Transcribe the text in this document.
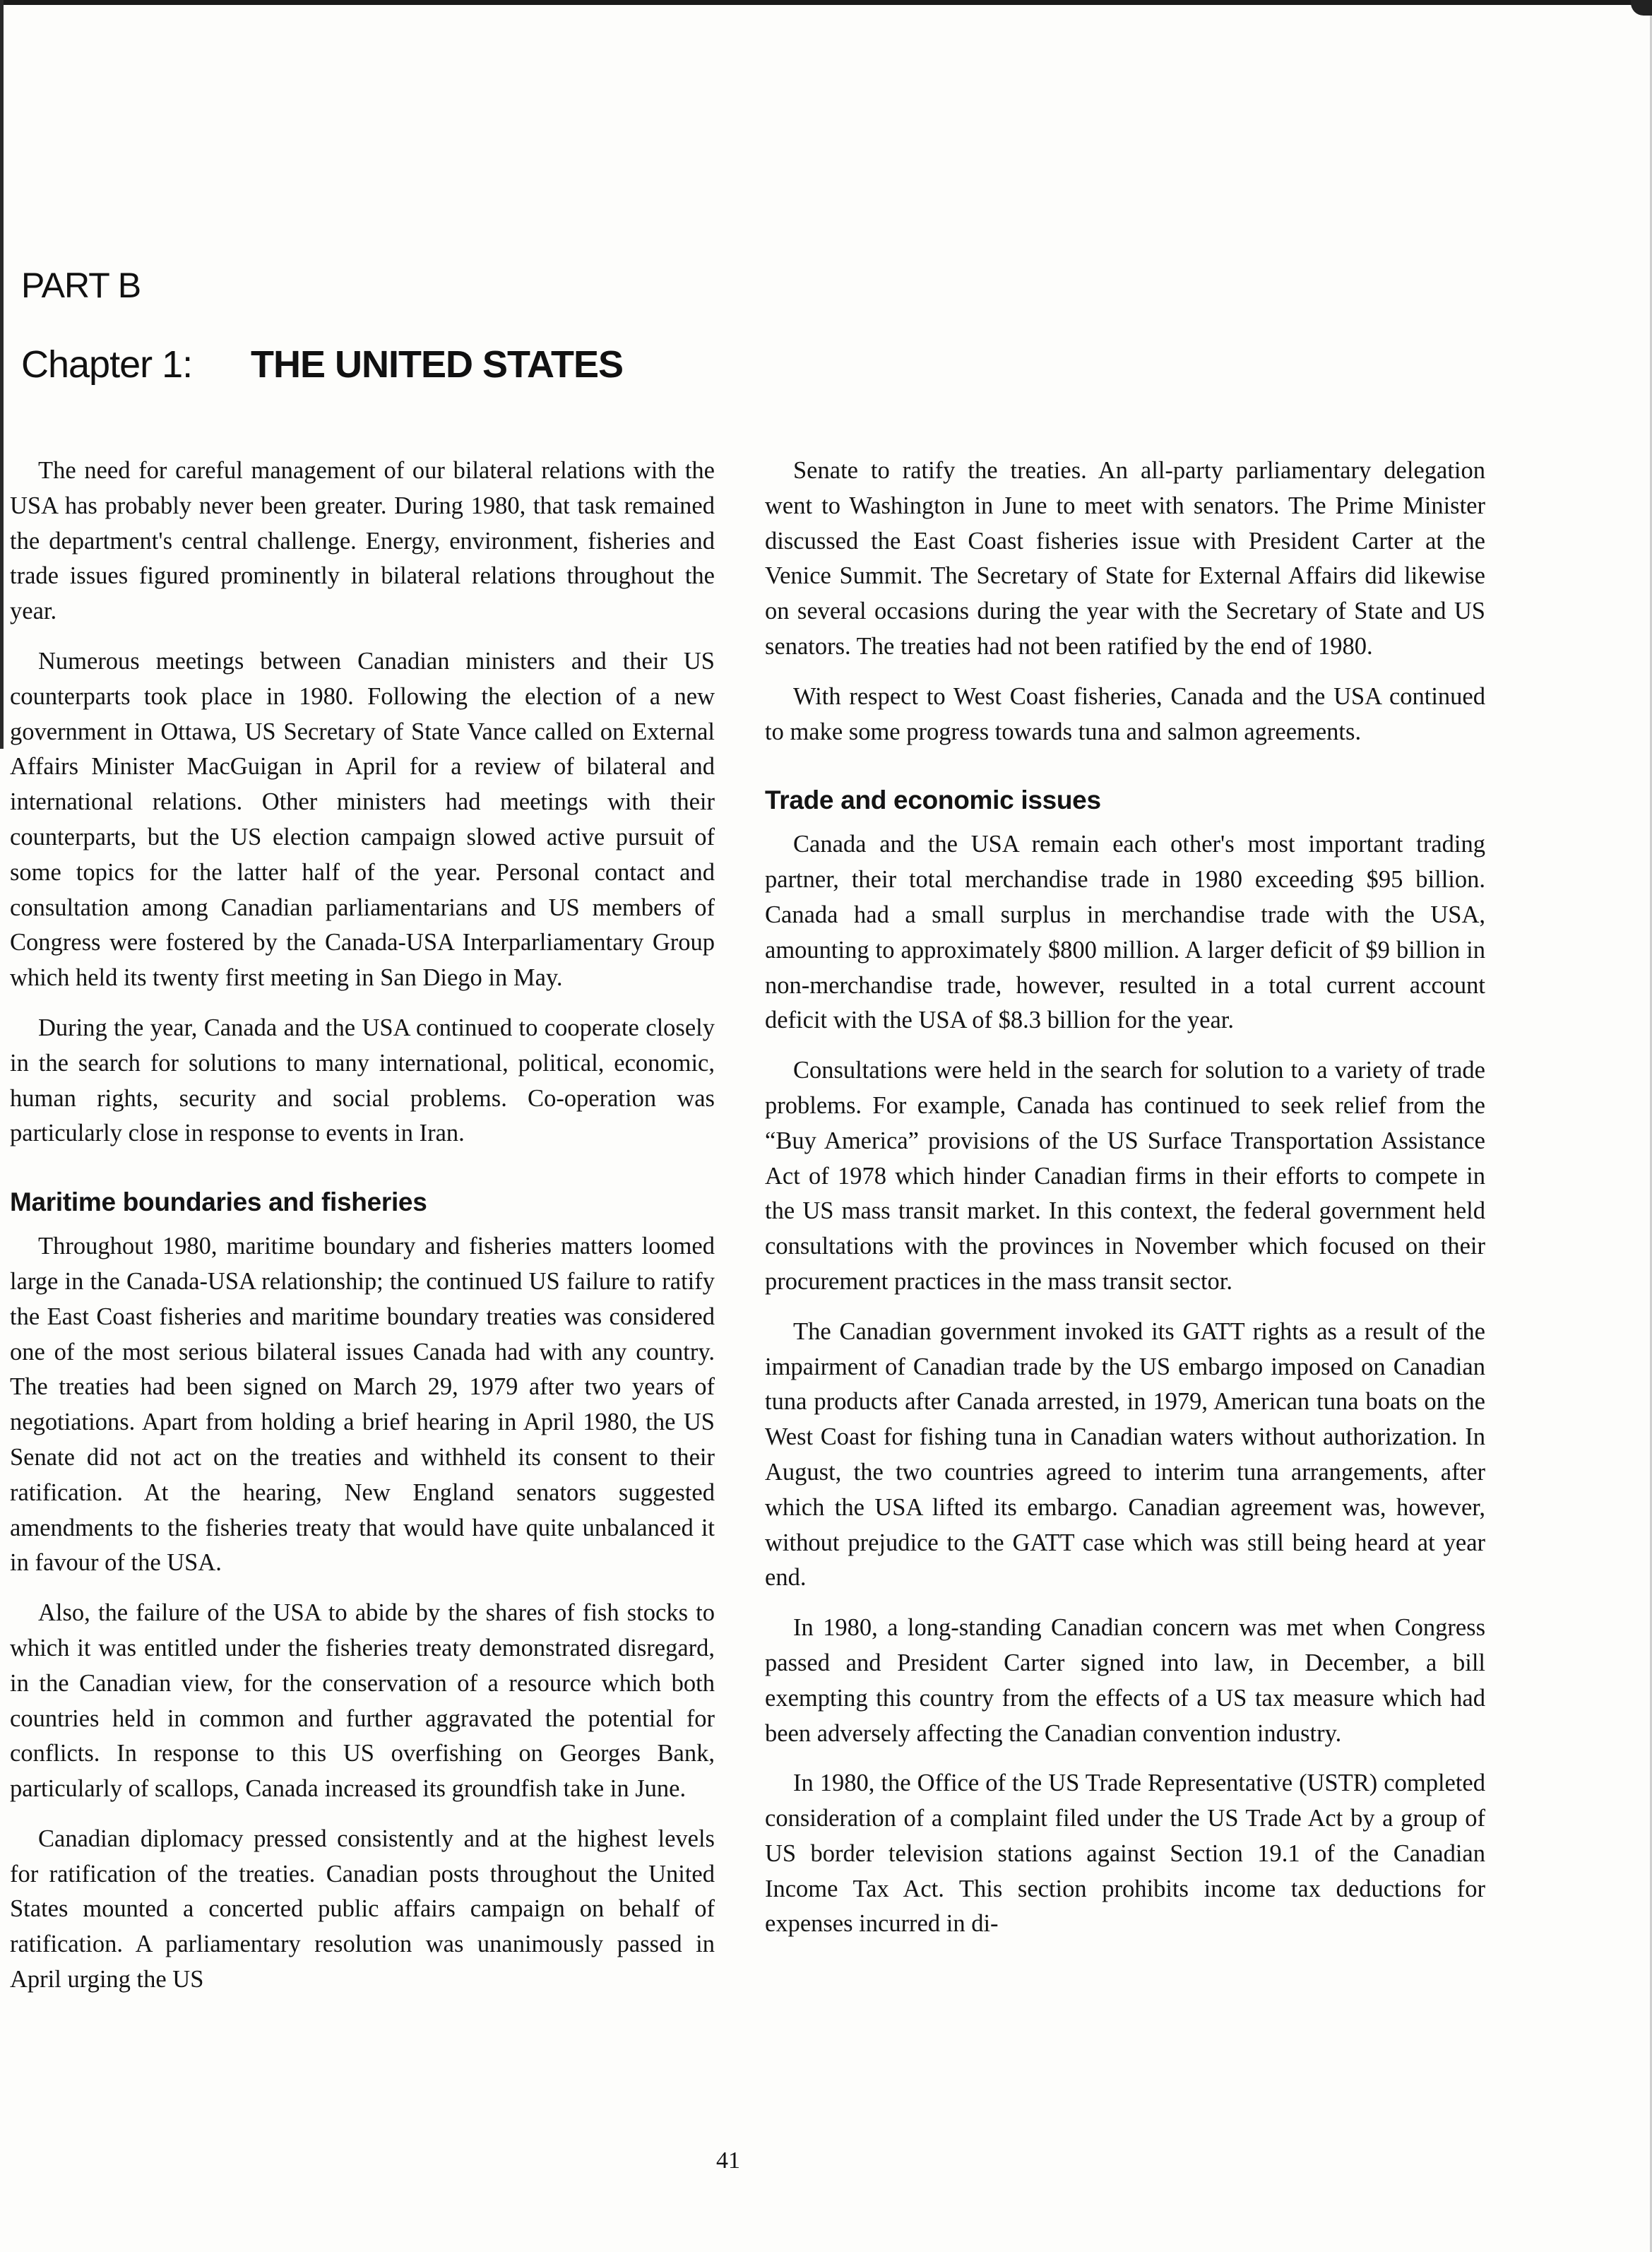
PART B
Chapter 1: THE UNITED STATES

The need for careful management of our bilateral relations with the USA has probably never been greater. During 1980, that task remained the department's central challenge. Energy, environment, fisheries and trade issues figured prominently in bilateral relations throughout the year.

Numerous meetings between Canadian ministers and their US counterparts took place in 1980. Following the election of a new government in Ottawa, US Secretary of State Vance called on External Affairs Minister MacGuigan in April for a review of bilateral and international relations. Other ministers had meetings with their counterparts, but the US election campaign slowed active pursuit of some topics for the latter half of the year. Personal contact and consultation among Canadian parliamentarians and US members of Congress were fostered by the Canada-USA Interparliamentary Group which held its twenty first meeting in San Diego in May.

During the year, Canada and the USA continued to cooperate closely in the search for solutions to many international, political, economic, human rights, security and social problems. Co-operation was particularly close in response to events in Iran.

Maritime boundaries and fisheries

Throughout 1980, maritime boundary and fisheries matters loomed large in the Canada-USA relationship; the continued US failure to ratify the East Coast fisheries and maritime boundary treaties was considered one of the most serious bilateral issues Canada had with any country. The treaties had been signed on March 29, 1979 after two years of negotiations. Apart from holding a brief hearing in April 1980, the US Senate did not act on the treaties and withheld its consent to their ratification. At the hearing, New England senators suggested amendments to the fisheries treaty that would have quite unbalanced it in favour of the USA.

Also, the failure of the USA to abide by the shares of fish stocks to which it was entitled under the fisheries treaty demonstrated disregard, in the Canadian view, for the conservation of a resource which both countries held in common and further aggravated the potential for conflicts. In response to this US overfishing on Georges Bank, particularly of scallops, Canada increased its groundfish take in June.

Canadian diplomacy pressed consistently and at the highest levels for ratification of the treaties. Canadian posts throughout the United States mounted a concerted public affairs campaign on behalf of ratification. A parliamentary resolution was unanimously passed in April urging the US

Senate to ratify the treaties. An all-party parliamentary delegation went to Washington in June to meet with senators. The Prime Minister discussed the East Coast fisheries issue with President Carter at the Venice Summit. The Secretary of State for External Affairs did likewise on several occasions during the year with the Secretary of State and US senators. The treaties had not been ratified by the end of 1980.

With respect to West Coast fisheries, Canada and the USA continued to make some progress towards tuna and salmon agreements.

Trade and economic issues

Canada and the USA remain each other's most important trading partner, their total merchandise trade in 1980 exceeding $95 billion. Canada had a small surplus in merchandise trade with the USA, amounting to approximately $800 million. A larger deficit of $9 billion in non-merchandise trade, however, resulted in a total current account deficit with the USA of $8.3 billion for the year.

Consultations were held in the search for solution to a variety of trade problems. For example, Canada has continued to seek relief from the “Buy America” provisions of the US Surface Transportation Assistance Act of 1978 which hinder Canadian firms in their efforts to compete in the US mass transit market. In this context, the federal government held consultations with the provinces in November which focused on their procurement practices in the mass transit sector.

The Canadian government invoked its GATT rights as a result of the impairment of Canadian trade by the US embargo imposed on Canadian tuna products after Canada arrested, in 1979, American tuna boats on the West Coast for fishing tuna in Canadian waters without authorization. In August, the two countries agreed to interim tuna arrangements, after which the USA lifted its embargo. Canadian agreement was, however, without prejudice to the GATT case which was still being heard at year end.

In 1980, a long-standing Canadian concern was met when Congress passed and President Carter signed into law, in December, a bill exempting this country from the effects of a US tax measure which had been adversely affecting the Canadian convention industry.

In 1980, the Office of the US Trade Representative (USTR) completed consideration of a complaint filed under the US Trade Act by a group of US border television stations against Section 19.1 of the Canadian Income Tax Act. This section prohibits income tax deductions for expenses incurred in di-

41
